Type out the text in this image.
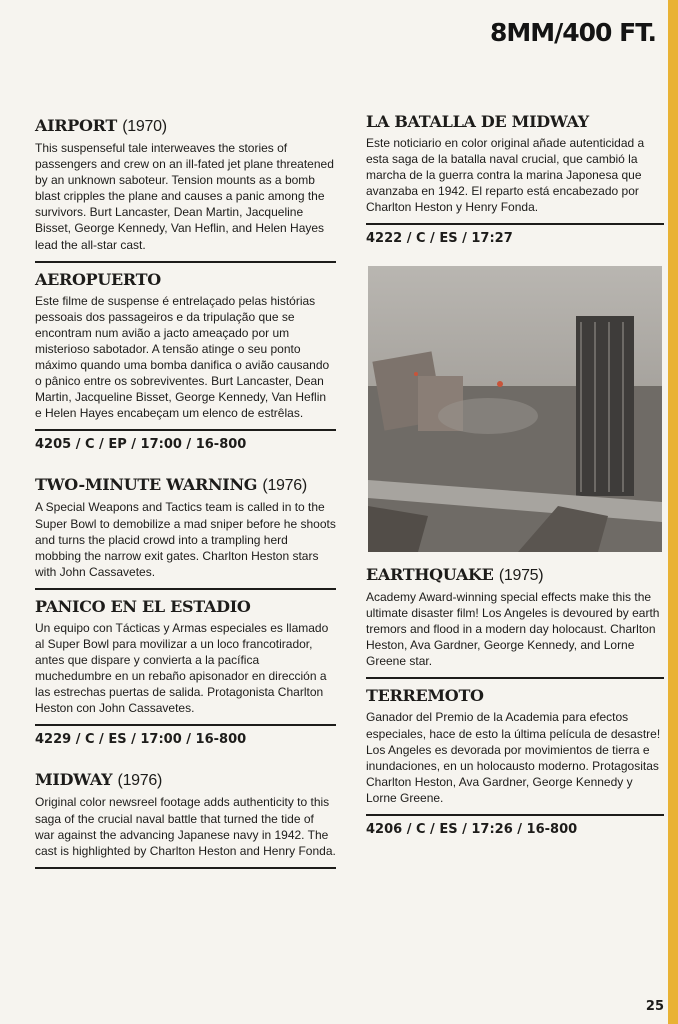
8MM/400 FT.
AIRPORT (1970)

This suspenseful tale interweaves the stories of passengers and crew on an ill-fated jet plane threatened by an unknown saboteur. Tension mounts as a bomb blast cripples the plane and causes a panic among the survivors. Burt Lancaster, Dean Martin, Jacqueline Bisset, George Kennedy, Van Heflin, and Helen Hayes lead the all-star cast.

AEROPUERTO

Este filme de suspense é entrelaçado pelas histórias pessoais dos passageiros e da tripulação que se encontram num avião a jacto ameaçado por um misterioso sabotador. A tensão atinge o seu ponto máximo quando uma bomba danifica o avião causando o pânico entre os sobreviventes. Burt Lancaster, Dean Martin, Jacqueline Bisset, George Kennedy, Van Heflin e Helen Hayes encabeçam um elenco de estrêlas.

4205 / C / EP / 17:00 / 16-800

TWO-MINUTE WARNING (1976)

A Special Weapons and Tactics team is called in to the Super Bowl to demobilize a mad sniper before he shoots and turns the placid crowd into a trampling herd mobbing the narrow exit gates. Charlton Heston stars with John Cassavetes.

PANICO EN EL ESTADIO

Un equipo con Tácticas y Armas especiales es llamado al Super Bowl para movilizar a un loco francotirador, antes que dispare y convierta a la pacífica muchedumbre en un rebaño apisonador en dirección a las estrechas puertas de salida. Protagonista Charlton Heston con John Cassavetes.

4229 / C / ES / 17:00 / 16-800

MIDWAY (1976)

Original color newsreel footage adds authenticity to this saga of the crucial naval battle that turned the tide of war against the advancing Japanese navy in 1942. The cast is highlighted by Charlton Heston and Henry Fonda.

LA BATALLA DE MIDWAY

Este noticiario en color original añade autenticidad a esta saga de la batalla naval crucial, que cambió la marcha de la guerra contra la marina Japonesa que avanzaba en 1942. El reparto está encabezado por Charlton Heston y Henry Fonda.

4222 / C / ES / 17:27

EARTHQUAKE (1975)

Academy Award-winning special effects make this the ultimate disaster film! Los Angeles is devoured by earth tremors and flood in a modern day holocaust. Charlton Heston, Ava Gardner, George Kennedy, and Lorne Greene star.

TERREMOTO

Ganador del Premio de la Academia para efectos especiales, hace de esto la última película de desastre! Los Angeles es devorada por movimientos de tierra e inundaciones, en un holocausto moderno. Protagositas Charlton Heston, Ava Gardner, George Kennedy y Lorne Greene.

4206 / C / ES / 17:26 / 16-800

25
